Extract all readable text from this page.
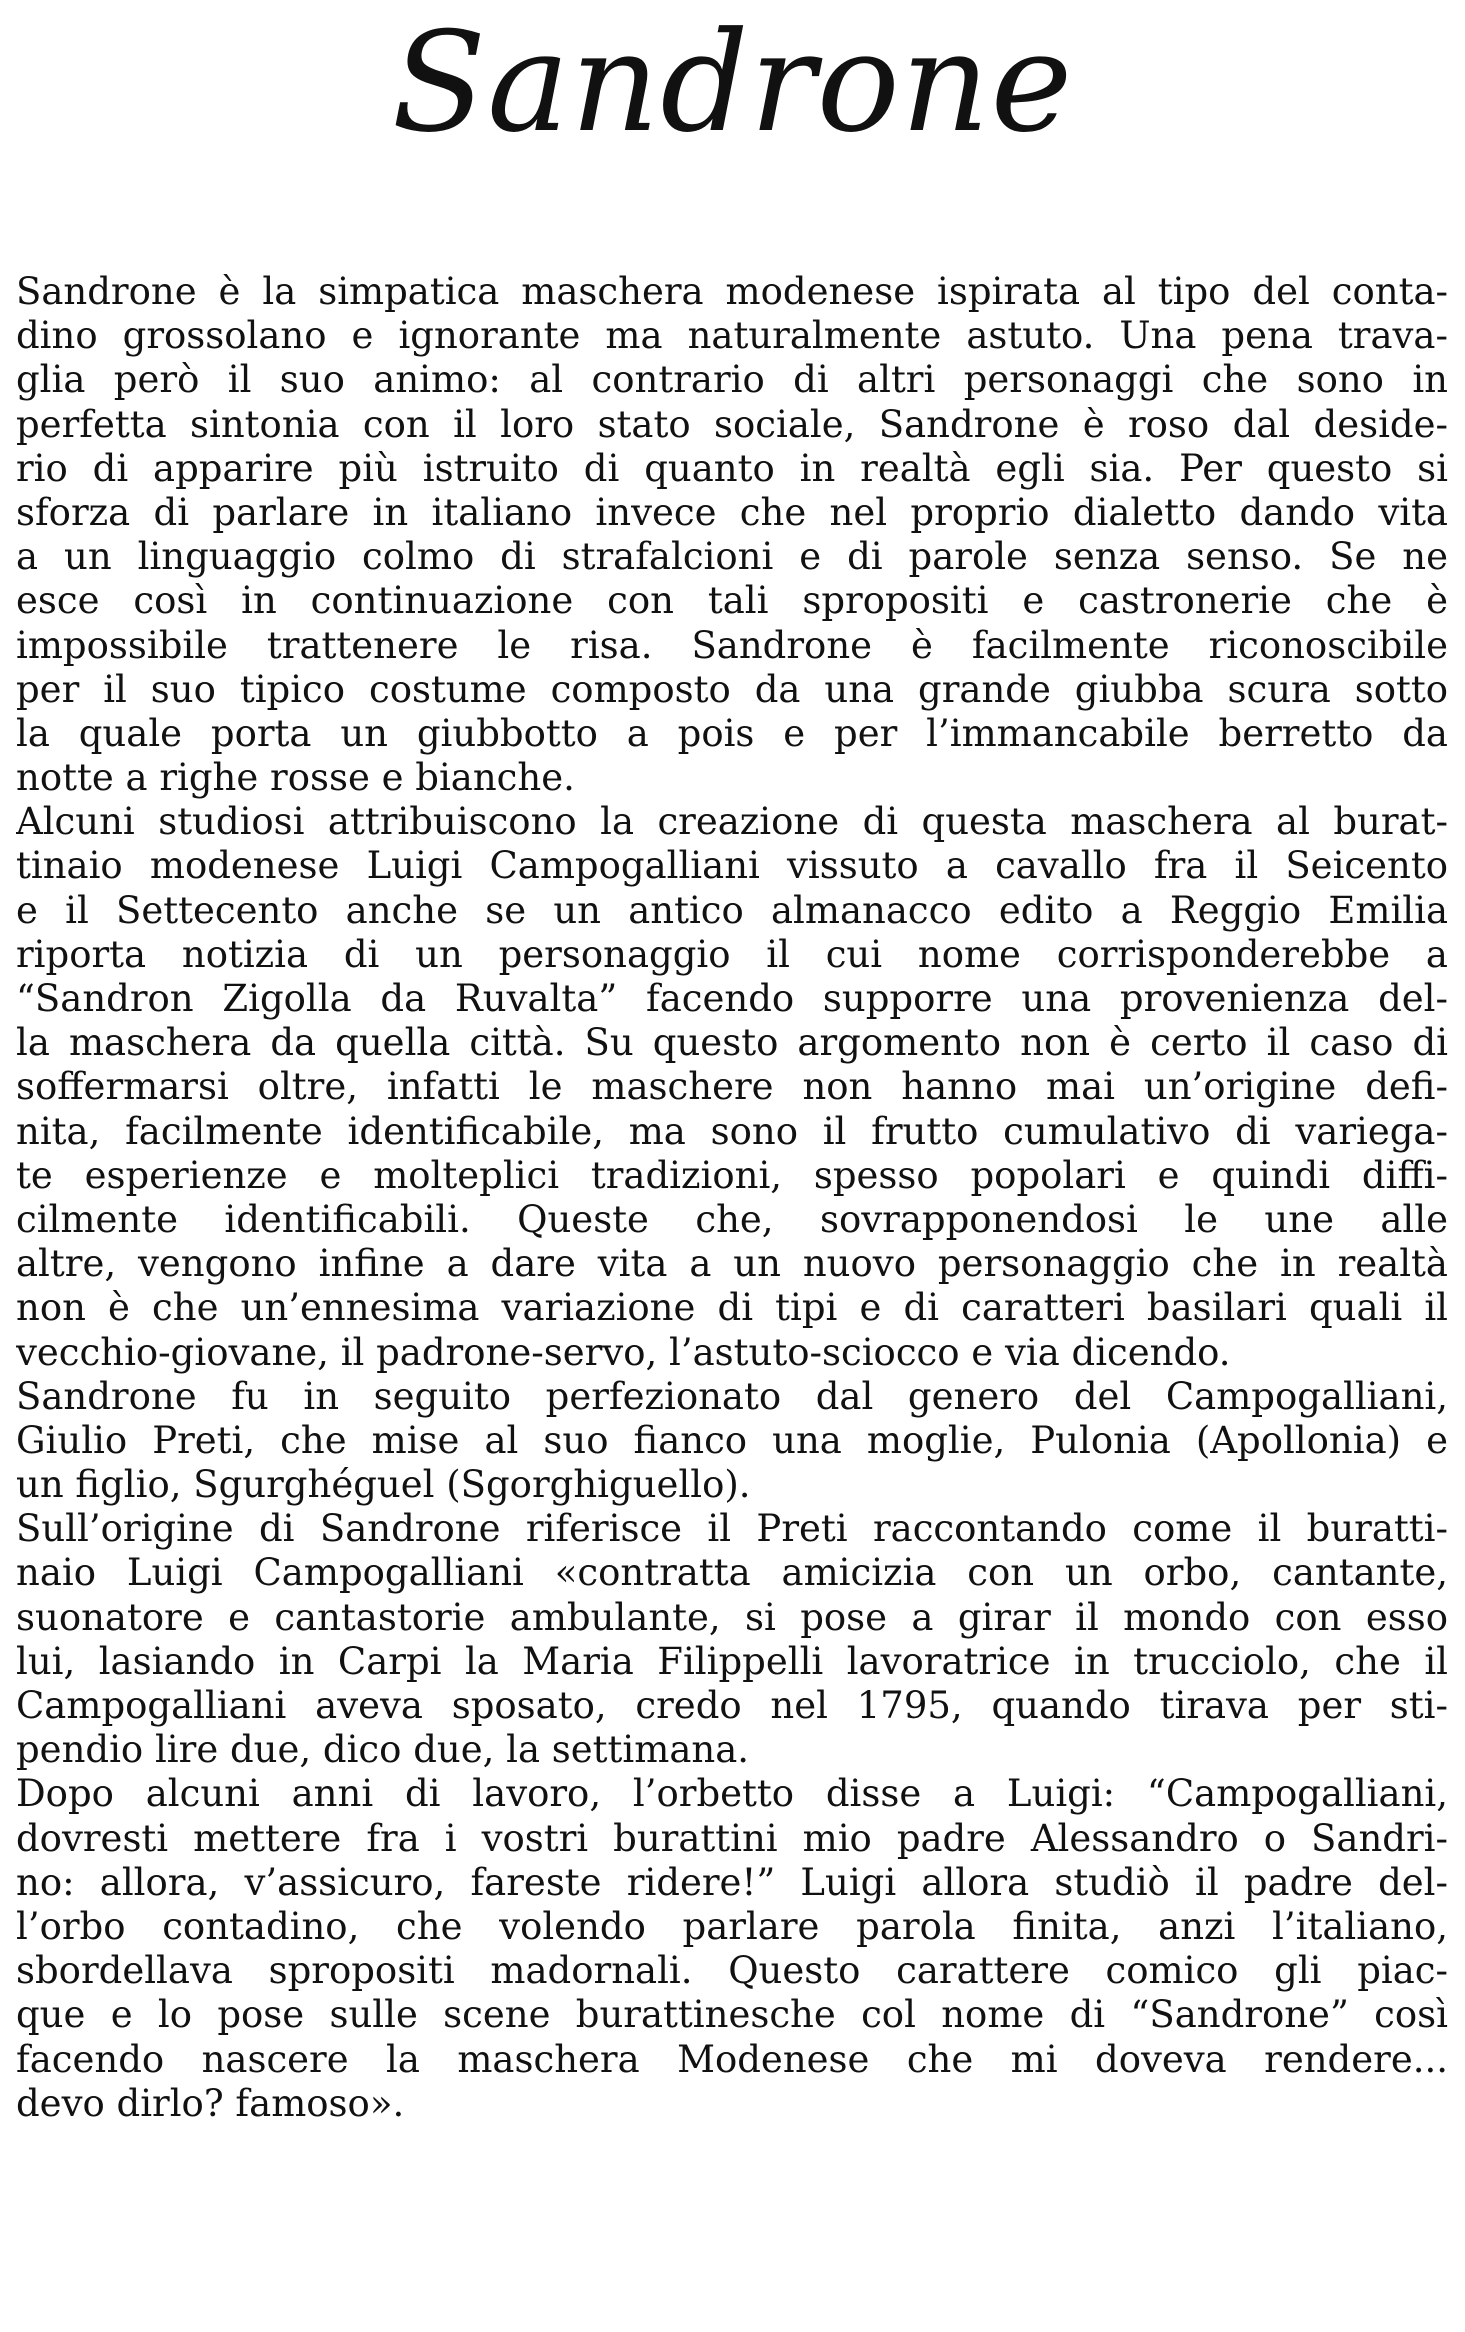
Sandrone
Sandrone è la simpatica maschera modenese ispirata al tipo del conta-
dino grossolano e ignorante ma naturalmente astuto. Una pena trava-
glia però il suo animo: al contrario di altri personaggi che sono in
perfetta sintonia con il loro stato sociale, Sandrone è roso dal deside-
rio di apparire più istruito di quanto in realtà egli sia. Per questo si
sforza di parlare in italiano invece che nel proprio dialetto dando vita
a un linguaggio colmo di strafalcioni e di parole senza senso. Se ne
esce così in continuazione con tali spropositi e castronerie che è
impossibile trattenere le risa. Sandrone è facilmente riconoscibile
per il suo tipico costume composto da una grande giubba scura sotto
la quale porta un giubbotto a pois e per l’immancabile berretto da
notte a righe rosse e bianche.
Alcuni studiosi attribuiscono la creazione di questa maschera al burat-
tinaio modenese Luigi Campogalliani vissuto a cavallo fra il Seicento
e il Settecento anche se un antico almanacco edito a Reggio Emilia
riporta notizia di un personaggio il cui nome corrisponderebbe a
“Sandron Zigolla da Ruvalta” facendo supporre una provenienza del-
la maschera da quella città. Su questo argomento non è certo il caso di
soffermarsi oltre, infatti le maschere non hanno mai un’origine defi-
nita, facilmente identificabile, ma sono il frutto cumulativo di variega-
te esperienze e molteplici tradizioni, spesso popolari e quindi diffi-
cilmente identificabili. Queste che, sovrapponendosi le une alle
altre, vengono infine a dare vita a un nuovo personaggio che in realtà
non è che un’ennesima variazione di tipi e di caratteri basilari quali il
vecchio-giovane, il padrone-servo, l’astuto-sciocco e via dicendo.
Sandrone fu in seguito perfezionato dal genero del Campogalliani,
Giulio Preti, che mise al suo fianco una moglie, Pulonia (Apollonia) e
un figlio, Sgurghéguel (Sgorghiguello).
Sull’origine di Sandrone riferisce il Preti raccontando come il buratti-
naio Luigi Campogalliani «contratta amicizia con un orbo, cantante,
suonatore e cantastorie ambulante, si pose a girar il mondo con esso
lui, lasiando in Carpi la Maria Filippelli lavoratrice in trucciolo, che il
Campogalliani aveva sposato, credo nel 1795, quando tirava per sti-
pendio lire due, dico due, la settimana.
Dopo alcuni anni di lavoro, l’orbetto disse a Luigi: “Campogalliani,
dovresti mettere fra i vostri burattini mio padre Alessandro o Sandri-
no: allora, v’assicuro, fareste ridere!” Luigi allora studiò il padre del-
l’orbo contadino, che volendo parlare parola finita, anzi l’italiano,
sbordellava spropositi madornali. Questo carattere comico gli piac-
que e lo pose sulle scene burattinesche col nome di “Sandrone” così
facendo nascere la maschera Modenese che mi doveva rendere...
devo dirlo? famoso».
